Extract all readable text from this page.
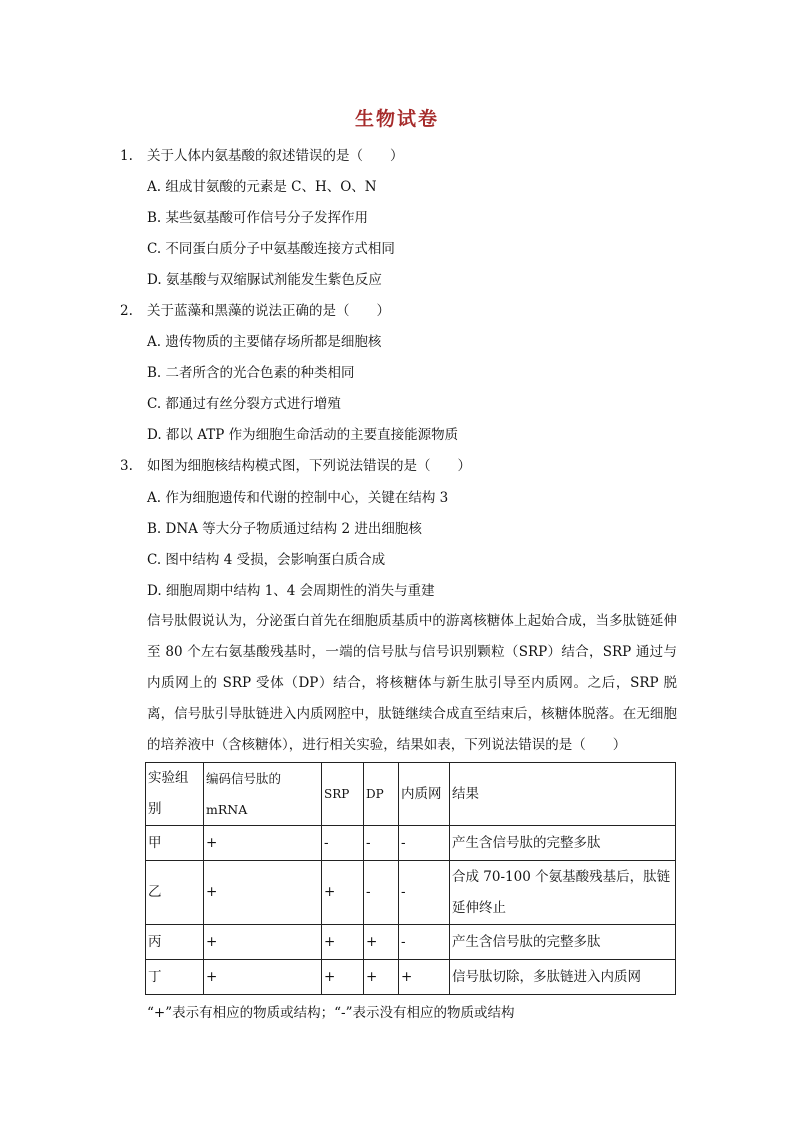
生物试卷
1. 关于人体内氨基酸的叙述错误的是（　　）
A. 组成甘氨酸的元素是 C、H、O、N
B. 某些氨基酸可作信号分子发挥作用
C. 不同蛋白质分子中氨基酸连接方式相同
D. 氨基酸与双缩脲试剂能发生紫色反应
2. 关于蓝藻和黑藻的说法正确的是（　　）
A. 遗传物质的主要储存场所都是细胞核
B. 二者所含的光合色素的种类相同
C. 都通过有丝分裂方式进行增殖
D. 都以 ATP 作为细胞生命活动的主要直接能源物质
3. 如图为细胞核结构模式图，下列说法错误的是（　　）
A. 作为细胞遗传和代谢的控制中心，关键在结构 3
B. DNA 等大分子物质通过结构 2 进出细胞核
C. 图中结构 4 受损，会影响蛋白质合成
D. 细胞周期中结构 1、4 会周期性的消失与重建
信号肽假说认为，分泌蛋白首先在细胞质基质中的游离核糖体上起始合成，当多肽链延伸至 80 个左右氨基酸残基时，一端的信号肽与信号识别颗粒（SRP）结合，SRP 通过与内质网上的 SRP 受体（DP）结合，将核糖体与新生肽引导至内质网。之后，SRP 脱离，信号肽引导肽链进入内质网腔中，肽链继续合成直至结束后，核糖体脱落。在无细胞的培养液中（含核糖体），进行相关实验，结果如表，下列说法错误的是（　　）
实验组别	编码信号肽的 mRNA	SRP	DP	内质网	结果
甲	+	-	-	-	产生含信号肽的完整多肽
乙	+	+	-	-	合成 70-100 个氨基酸残基后，肽链延伸终止
丙	+	+	+	-	产生含信号肽的完整多肽
丁	+	+	+	+	信号肽切除，多肽链进入内质网
“+”表示有相应的物质或结构；“-”表示没有相应的物质或结构
